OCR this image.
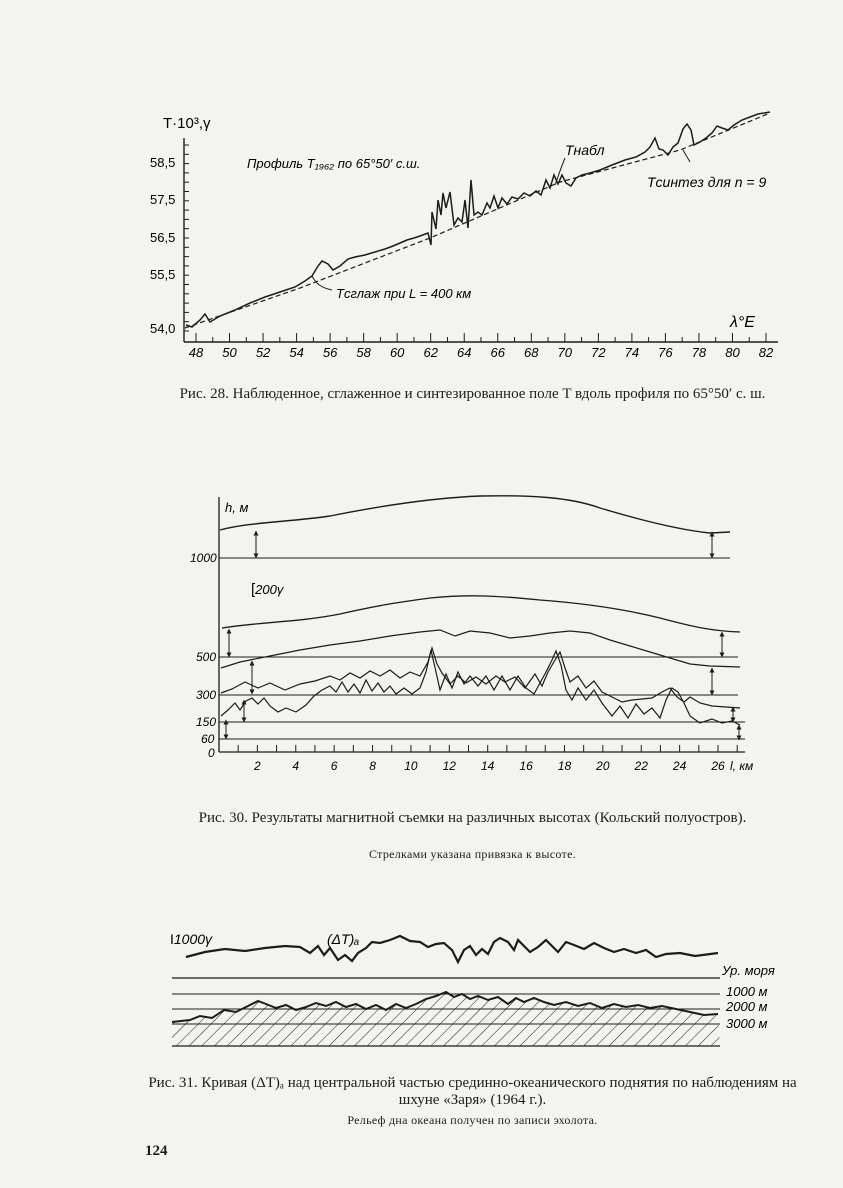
T·10³,γ
λ°E
58,5
57,5
56,5
55,5
54,0
48 50 52 54 56 58 60 62 64 66 68 70 72 74 76 78 80 82
Профиль T₁₉₆₂ по 65°50′ с.ш.
Tнабл
Tсинтез для n = 9
Tсглаж при L = 400 км
Рис. 28. Наблюденное, сглаженное и синтезированное поле T вдоль профиля по 65°50′ с. ш.
h, м
1000
500
300
150
60
0
[200γ
2	4	6	8 10 12 14 16 18 20 22 24 26 l, км
Рис. 30. Результаты магнитной съемки на различных высотах (Кольский полуостров).
Стрелками указана привязка к высоте.
I1000γ	(ΔT)ₐ
Ур. моря
1000 м
2000 м
3000 м
Рис. 31. Кривая (ΔT)ₐ над центральной частью срединно-океанического поднятия по наблюдениям на шхуне «Заря» (1964 г.).
Рельеф дна океана получен по записи эхолота.
124
